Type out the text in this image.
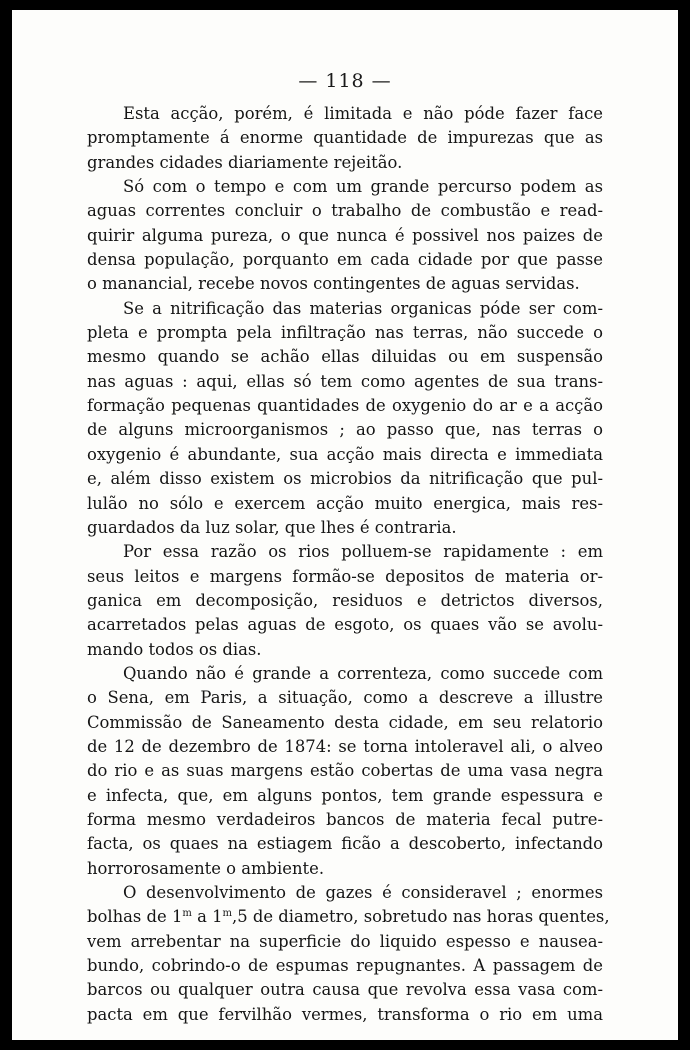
— 118 —
Esta acção, porém, é limitada e não póde fazer face
promptamente á enorme quantidade de impurezas que as
grandes cidades diariamente rejeitão.
Só com o tempo e com um grande percurso podem as
aguas correntes concluir o trabalho de combustão e read-
quirir alguma pureza, o que nunca é possivel nos paizes de
densa população, porquanto em cada cidade por que passe
o manancial, recebe novos contingentes de aguas servidas.
Se a nitrificação das materias organicas póde ser com-
pleta e prompta pela infiltração nas terras, não succede o
mesmo quando se achão ellas diluidas ou em suspensão
nas aguas : aqui, ellas só tem como agentes de sua trans-
formação pequenas quantidades de oxygenio do ar e a acção
de alguns microorganismos ; ao passo que, nas terras o
oxygenio é abundante, sua acção mais directa e immediata
e, além disso existem os microbios da nitrificação que pul-
lulão no sólo e exercem acção muito energica, mais res-
guardados da luz solar, que lhes é contraria.
Por essa razão os rios polluem-se rapidamente : em
seus leitos e margens formão-se depositos de materia or-
ganica em decomposição, residuos e detrictos diversos,
acarretados pelas aguas de esgoto, os quaes vão se avolu-
mando todos os dias.
Quando não é grande a correnteza, como succede com
o Sena, em Paris, a situação, como a descreve a illustre
Commissão de Saneamento desta cidade, em seu relatorio
de 12 de dezembro de 1874: se torna intoleravel ali, o alveo
do rio e as suas margens estão cobertas de uma vasa negra
e infecta, que, em alguns pontos, tem grande espessura e
forma mesmo verdadeiros bancos de materia fecal putre-
facta, os quaes na estiagem ficão a descoberto, infectando
horrorosamente o ambiente.
O desenvolvimento de gazes é consideravel ; enormes
bolhas de 1$^m$ a 1$^m$,5 de diametro, sobretudo nas horas quentes,
vem arrebentar na superficie do liquido espesso e nausea-
bundo, cobrindo-o de espumas repugnantes. A passagem de
barcos ou qualquer outra causa que revolva essa vasa com-
pacta em que fervilhão vermes, transforma o rio em uma
